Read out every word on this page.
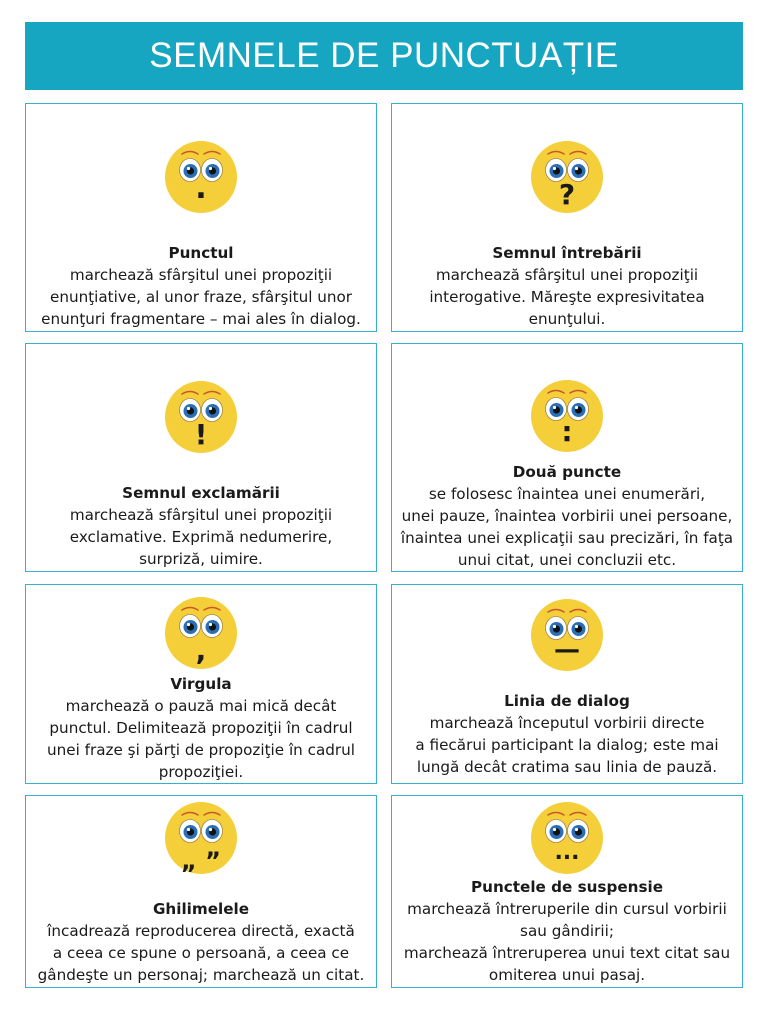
SEMNELE DE PUNCTUAȚIE
.
Punctul
marchează sfârşitul unei propoziţii
enunţiative, al unor fraze, sfârşitul unor
enunţuri fragmentare – mai ales în dialog.
?
Semnul întrebării
marchează sfârşitul unei propoziţii
interogative. Măreşte expresivitatea
enunţului.
!
Semnul exclamării
marchează sfârşitul unei propoziţii
exclamative. Exprimă nedumerire,
surpriză, uimire.
:
Două puncte
se folosesc înaintea unei enumerări,
unei pauze, înaintea vorbirii unei persoane,
înaintea unei explicaţii sau precizări, în faţa
unui citat, unei concluzii etc.
,
Virgula
marchează o pauză mai mică decât
punctul. Delimitează propoziţii în cadrul
unei fraze şi părţi de propoziţie în cadrul
propoziţiei.
—
Linia de dialog
marchează începutul vorbirii directe
a fiecărui participant la dialog; este mai
lungă decât cratima sau linia de pauză.
„ ”
Ghilimelele
încadrează reproducerea directă, exactă
a ceea ce spune o persoană, a ceea ce
gândeşte un personaj; marchează un citat.
...
Punctele de suspensie
marchează întreruperile din cursul vorbirii
sau gândirii;
marchează întreruperea unui text citat sau
omiterea unui pasaj.
